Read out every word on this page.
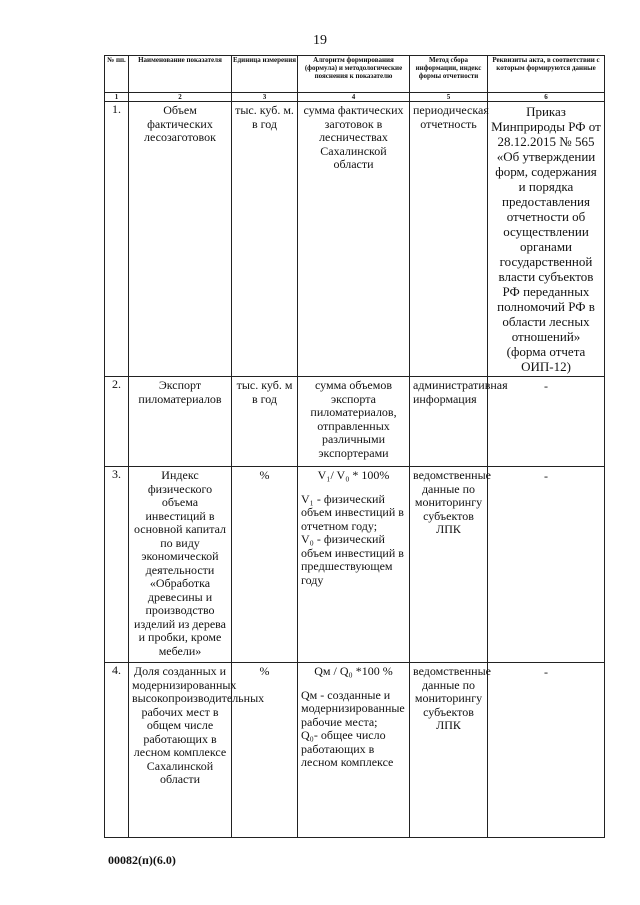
19
№ пп.	Наименование показателя	Единица измерения	Алгоритм формирования (формула) и методологические пояснения к показателю	Метод сбора информации, индекс формы отчетности	Реквизиты акта, в соответствии с которым формируются данные
1	2	3	4	5	6
1.	Объем фактических лесозаготовок	тыс. куб. м. в год	сумма фактических заготовок в лесничествах Сахалинской области	периодическая отчетность	Приказ Минприроды РФ от 28.12.2015 № 565 «Об утверждении форм, содержания и порядка предоставления отчетности об осуществлении органами государственной власти субъектов РФ переданных полномочий РФ в области лесных отношений» (форма отчета ОИП-12)

2.	Экспорт пиломатериалов	тыс. куб. м в год	сумма объемов экспорта пиломатериалов, отправленных различными экспортерами	административная информация	-

3.	Индекс физического объема инвестиций в основной капитал по виду экономической деятельности «Обработка древесины и производство изделий из дерева и пробки, кроме мебели»	%	V₁/ V₀ * 100%

V₁ - физический объем инвестиций в отчетном году;

V₀ - физический объем инвестиций в предшествующем году	ведомственные данные по мониторингу субъектов ЛПК	-

4.	Доля созданных и модернизированных высокопроизводительных рабочих мест в общем числе работающих в лесном комплексе Сахалинской области	%	Qм / Q₀ *100 %

Qм - созданные и модернизированные рабочие места;

Q₀- общее число работающих в лесном комплексе	ведомственные данные по мониторингу субъектов ЛПК	-
00082(п)(6.0)
